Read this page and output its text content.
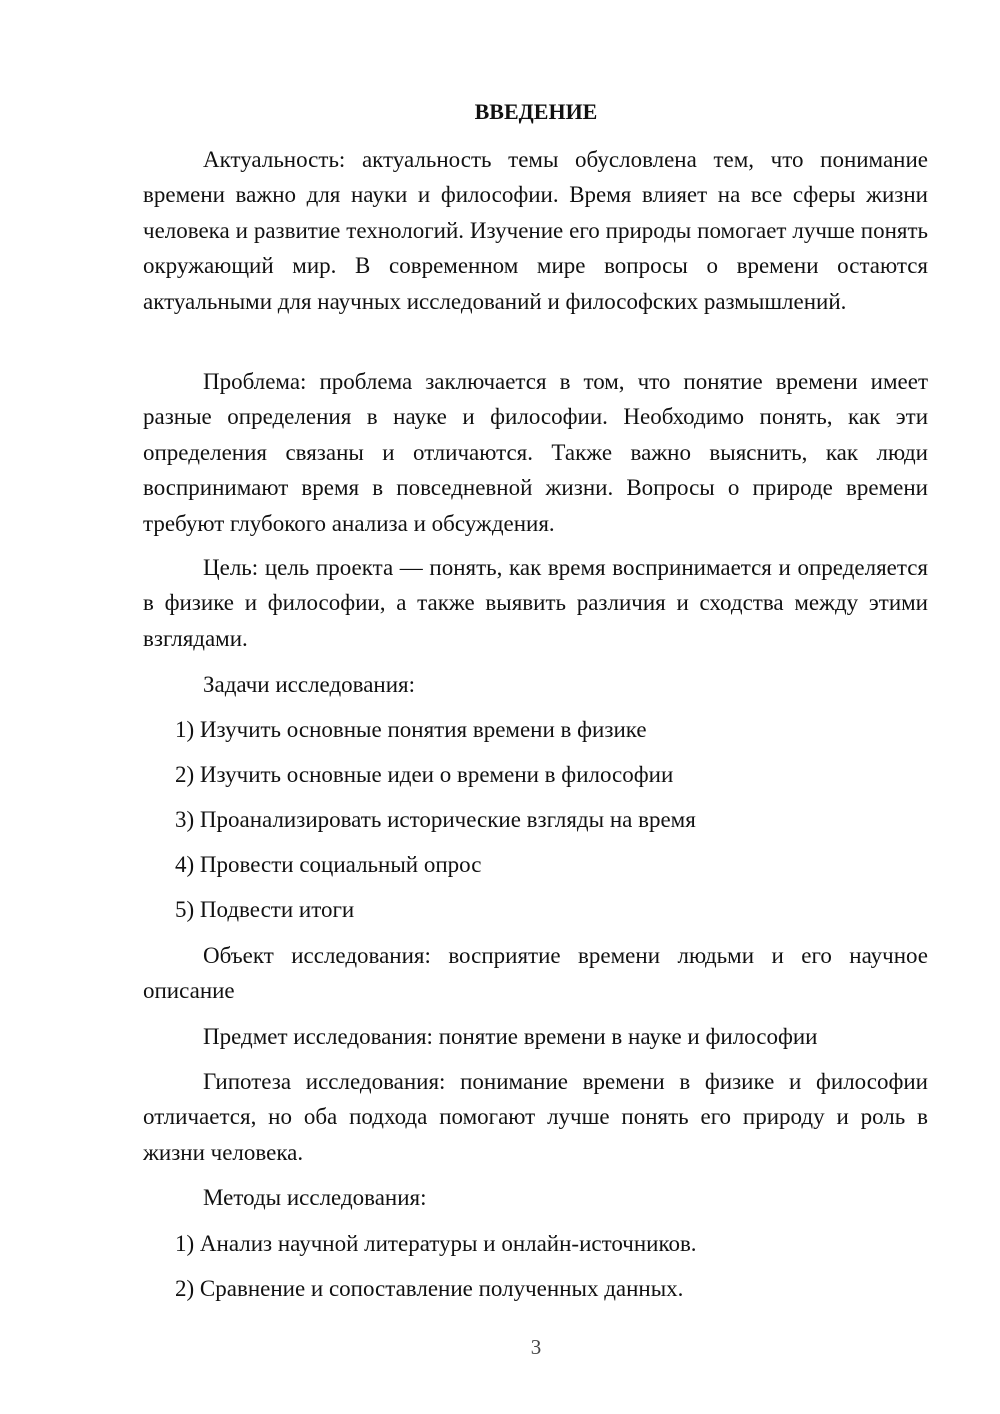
ВВЕДЕНИЕ

Актуальность: актуальность темы обусловлена тем, что понимание времени важно для науки и философии. Время влияет на все сферы жизни человека и развитие технологий. Изучение его природы помогает лучше понять окружающий мир. В современном мире вопросы о времени остаются актуальными для научных исследований и философских размышлений.

Проблема: проблема заключается в том, что понятие времени имеет разные определения в науке и философии. Необходимо понять, как эти определения связаны и отличаются. Также важно выяснить, как люди воспринимают время в повседневной жизни. Вопросы о природе времени требуют глубокого анализа и обсуждения.

Цель: цель проекта — понять, как время воспринимается и определяется в физике и философии, а также выявить различия и сходства между этими взглядами.

Задачи исследования:

1) Изучить основные понятия времени в физике

2) Изучить основные идеи о времени в философии

3) Проанализировать исторические взгляды на время

4) Провести социальный опрос

5) Подвести итоги

Объект исследования: восприятие времени людьми и его научное описание

Предмет исследования: понятие времени в науке и философии

Гипотеза исследования: понимание времени в физике и философии отличается, но оба подхода помогают лучше понять его природу и роль в жизни человека.

Методы исследования:

1) Анализ научной литературы и онлайн-источников.

2) Сравнение и сопоставление полученных данных.

3
